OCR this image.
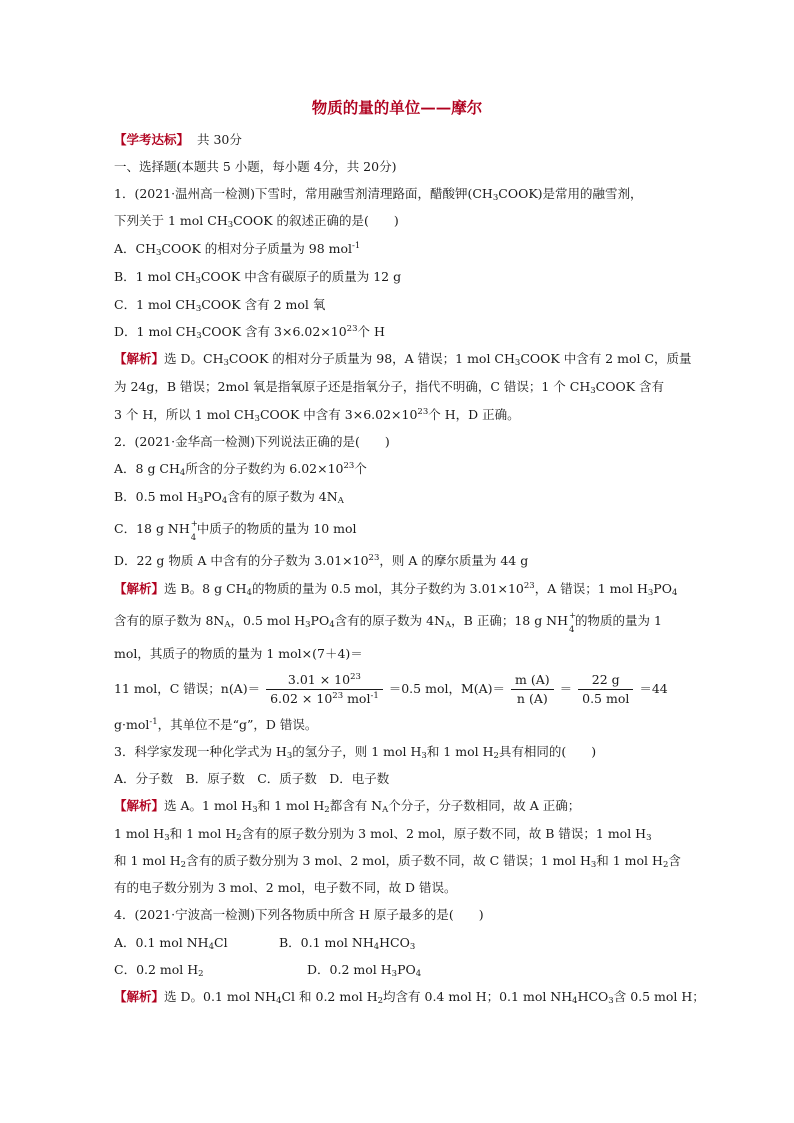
物质的量的单位——摩尔
【学考达标】 共 30分
一、选择题(本题共 5 小题，每小题 4分，共 20分)
1．(2021·温州高一检测)下雪时，常用融雪剂清理路面，醋酸钾$(CH_3COOK)$是常用的融雪剂，
下列关于 1 mol $CH_3COOK$ 的叙述正确的是(　　)
A．$CH_3COOK$ 的相对分子质量为 98 mol$^{-1}$
B．1 mol $CH_3COOK$ 中含有碳原子的质量为 12 g
C．1 mol $CH_3COOK$ 含有 2 mol 氧
D．1 mol $CH_3COOK$ 含有 $3\times 6.02\times 10^{23}$个 H
【解析】选 D。$CH_3COOK$ 的相对分子质量为 98，A 错误；1 mol $CH_3COOK$ 中含有 2 mol C，质量
为 24g，B 错误；2mol 氧是指氧原子还是指氧分子，指代不明确，C 错误；1 个 $CH_3COOK$ 含有
3 个 H，所以 1 mol $CH_3COOK$ 中含有 $3\times 6.02\times 10^{23}$个 H，D 正确。
2．(2021·金华高一检测)下列说法正确的是(　　)
A．8 g $CH_4$所含的分子数约为 $6.02\times 10^{23}$个
B．0.5 mol $H_3PO_4$含有的原子数为 $4N_A$
C．18 g NH +
4
中质子的物质的量为 10 mol
D．22 g 物质 A 中含有的分子数为 $3.01\times 10^{23}$，则 A 的摩尔质量为 44 g
【解析】选 B。8 g $CH_4$的物质的量为 0.5 mol，其分子数约为 $3.01\times 10^{23}$，A 错误；1 mol $H_3PO_4$
含有的原子数为 $8N_A$，0.5 mol $H_3PO_4$含有的原子数为 $4N_A$，B 正确；18 g NH +
4
的物质的量为 1
mol，其质子的物质的量为 1 mol×(7＋4)＝
11 mol，C 错误；$n(A)= \frac{3.01 \times 10^{23}}{6.02 \times 10^{23} mol^{-1}} =0.5$ mol，$M(A)= \frac{m (A)}{n (A)} = \frac{22 g}{\text{0.5 mol}} =44$
g·mol$^{-1}$，其单位不是“g”，D 错误。
3．科学家发现一种化学式为 $H_3$的氢分子，则 1 mol $H_3$和 1 mol $H_2$具有相同的(　　)
A．分子数　B．原子数　C．质子数　D．电子数
【解析】选 A。1 mol $H_3$和 1 mol $H_2$都含有 $N_A$个分子，分子数相同，故 A 正确；
1 mol $H_3$和 1 mol $H_2$含有的原子数分别为 3 mol、2 mol，原子数不同，故 B 错误；1 mol $H_3$
和 1 mol $H_2$含有的质子数分别为 3 mol、2 mol，质子数不同，故 C 错误；1 mol $H_3$和 1 mol $H_2$含
有的电子数分别为 3 mol、2 mol，电子数不同，故 D 错误。
4．(2021·宁波高一检测)下列各物质中所含 H 原子最多的是(　　)
A．0.1 mol $NH_4Cl$	B．0.1 mol $NH_4HCO_3$
C．0.2 mol $H_2$	D．0.2 mol $H_3PO_4$
【解析】选 D。0.1 mol $NH_4Cl$ 和 0.2 mol $H_2$均含有 0.4 mol H；0.1 mol $NH_4HCO_3$含 0.5 mol H；
